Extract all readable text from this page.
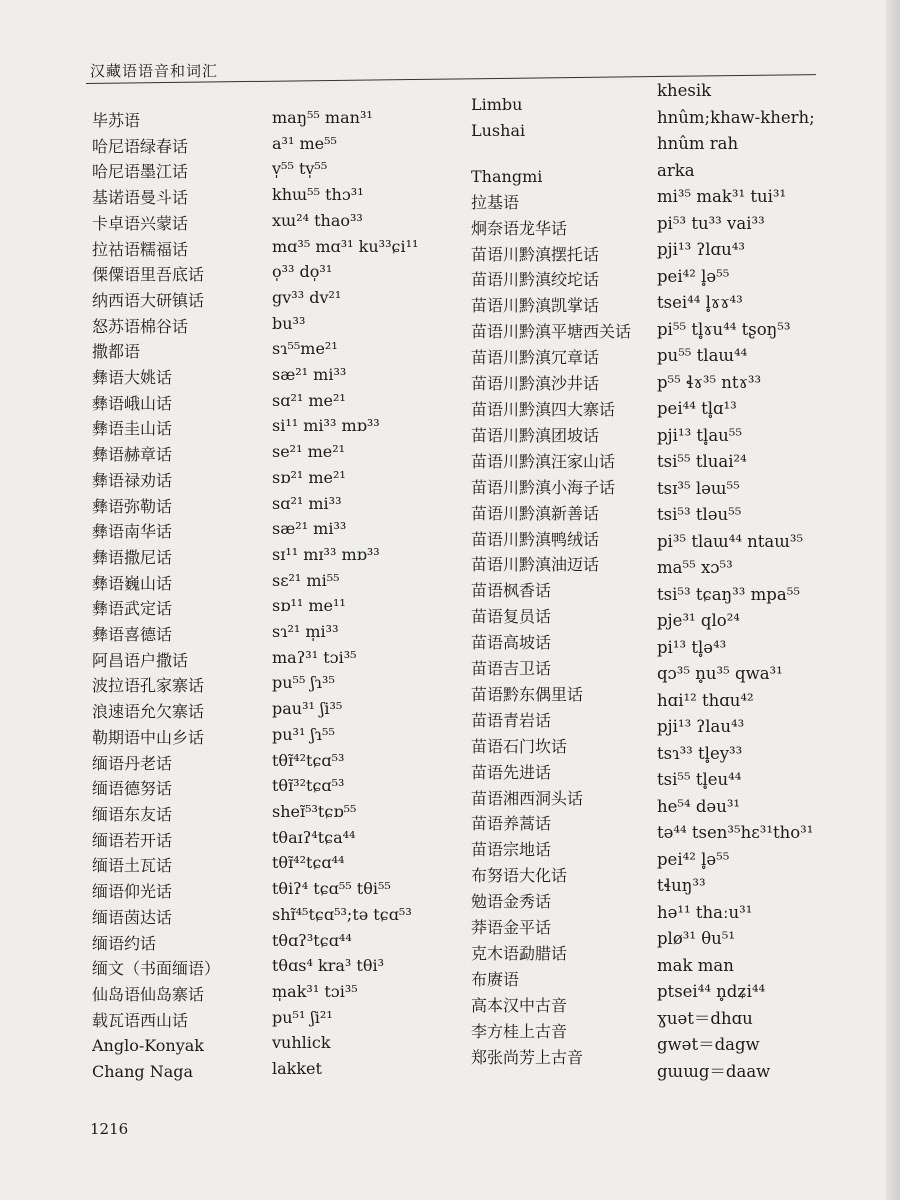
汉藏语语音和词汇
毕苏语
哈尼语绿春话
哈尼语墨江话
基诺语曼斗话
卡卓语兴蒙话
拉祜语糯福话
傈僳语里吾底话
纳西语大研镇话
怒苏语棉谷话
撒都语
彝语大姚话
彝语峨山话
彝语圭山话
彝语赫章话
彝语禄劝话
彝语弥勒话
彝语南华话
彝语撒尼话
彝语巍山话
彝语武定话
彝语喜德话
阿昌语户撒话
波拉语孔家寨话
浪速语允欠寨话
勒期语中山乡话
缅语丹老话
缅语德努话
缅语东友话
缅语若开话
缅语土瓦话
缅语仰光话
缅语茵达话
缅语约话
缅文（书面缅语）
仙岛语仙岛寨话
载瓦语西山话
Anglo-Konyak
Chang Naga
maŋ⁵⁵ man³¹
a³¹ me⁵⁵
v̩⁵⁵ tv̩⁵⁵
khɯ⁵⁵ thɔ³¹
xɯ²⁴ thao³³
mɑ³⁵ mɑ³¹ ku³³ɕi¹¹
o̩³³ do̩³¹
gv³³ dv²¹
bu³³
sɿ⁵⁵me²¹
sæ²¹ mi³³
sɑ²¹ me²¹
si¹¹ mi³³ mɒ³³
se²¹ me²¹
sɒ²¹ me²¹
sɑ²¹ mi³³
sæ²¹ mi³³
sɪ¹¹ mɪ³³ mɒ³³
sɛ²¹ mi⁵⁵
sɒ¹¹ me¹¹
sɿ²¹ m̩i³³
maʔ³¹ tɔi³⁵
pu⁵⁵ ʃɿ³⁵
pau³¹ ʃi³⁵
pu³¹ ʃɿ⁵⁵
tθɪ̃⁴²tɕɑ⁵³
tθɪ̃³²tɕɑ⁵³
sheɪ̃⁵³tɕɒ⁵⁵
tθaɪʔ⁴tɕa⁴⁴
tθɪ̃⁴²tɕɑ⁴⁴
tθiʔ⁴ tɕɑ⁵⁵ tθi⁵⁵
shɪ̃⁴⁵tɕɑ⁵³;tə tɕɑ⁵³
tθɑʔ³tɕɑ⁴⁴
tθɑs⁴ kra³ tθi³
m̩ak³¹ tɔi³⁵
pu⁵¹ ʃi²¹
vuhlick
lakket
Limbu
Lushai
Thangmi
拉基语
炯奈语龙华话
苗语川黔滇摆托话
苗语川黔滇绞坨话
苗语川黔滇凯掌话
苗语川黔滇平塘西关话
苗语川黔滇冗章话
苗语川黔滇沙井话
苗语川黔滇四大寨话
苗语川黔滇团坡话
苗语川黔滇汪家山话
苗语川黔滇小海子话
苗语川黔滇新善话
苗语川黔滇鸭绒话
苗语川黔滇油迈话
苗语枫香话
苗语复员话
苗语高坡话
苗语吉卫话
苗语黔东偶里话
苗语青岩话
苗语石门坎话
苗语先进话
苗语湘西洞头话
苗语养蒿话
苗语宗地话
布努语大化话
勉语金秀话
莽语金平话
克木语勐腊话
布赓语
高本汉中古音
李方桂上古音
郑张尚芳上古音
khesik
hnûm;khaw-kherh;
hnûm rah
arka
mi³⁵ mak³¹ tui³¹
pi⁵³ tu³³ vai³³
pji¹³ ʔlɑu⁴³
pei⁴² l̥ə⁵⁵
tsei⁴⁴ l̥ɤɤ⁴³
pi⁵⁵ tl̥ɤu⁴⁴ tʂoŋ⁵³
pu⁵⁵ tlaɯ⁴⁴
p⁵⁵ ɬɤ³⁵ ntɤ³³
pei⁴⁴ tl̥ɑ¹³
pji¹³ tl̥au⁵⁵
tsi⁵⁵ tluai²⁴
tsɪ³⁵ ləɯ⁵⁵
tsi⁵³ tləu⁵⁵
pi³⁵ tlaɯ⁴⁴ ntaɯ³⁵
ma⁵⁵ xɔ⁵³
tsi⁵³ tɕaŋ³³ mpa⁵⁵
pje³¹ qlo²⁴
pi¹³ tl̥ə⁴³
qɔ³⁵ n̥u³⁵ qwa³¹
hɑi¹² thɑu⁴²
pji¹³ ʔlau⁴³
tsɿ³³ tl̥ey³³
tsi⁵⁵ tl̥eu⁴⁴
he⁵⁴ dəu³¹
tə⁴⁴ tsen³⁵hɛ³¹tho³¹
pei⁴² l̥ə⁵⁵
tɬuŋ³³
hə¹¹ thaːu³¹
plø³¹ θu⁵¹
mak man
ptsei⁴⁴ n̥dʑi⁴⁴
ɣuət＝dhɑu
gwət＝dagw
gɯɯg＝daaw
1216
